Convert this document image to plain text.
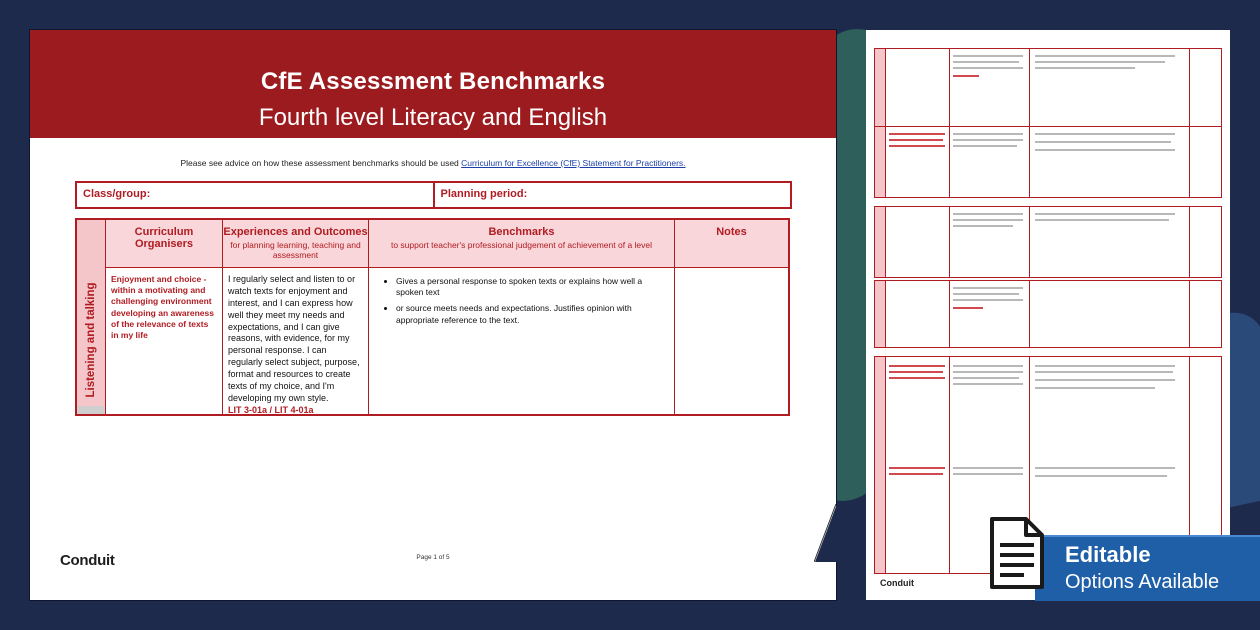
CfE Assessment Benchmarks
Fourth level Literacy and English
Please see advice on how these assessment benchmarks should be used Curriculum for Excellence (CfE) Statement for Practitioners.
Class/group:	Planning period:
Listening and talking
Curriculum Organisers
Enjoyment and choice - within a motivating and challenging environment developing an awareness of the relevance of texts in my life
Experiences and Outcomes
for planning learning, teaching and assessment
I regularly select and listen to or watch texts for enjoyment and interest, and I can express how well they meet my needs and expectations, and I can give reasons, with evidence, for my personal response. I can regularly select subject, purpose, format and resources to create texts of my choice, and I'm developing my own style.
LIT 3-01a / LIT 4-01a
Benchmarks
to support teacher's professional judgement of achievement of a level
• Gives a personal response to spoken texts or explains how well a spoken text
• or source meets needs and expectations. Justifies opinion with appropriate reference to the text.
Notes
Conduit	Page 1 of 5
Conduit
Editable
Options Available
